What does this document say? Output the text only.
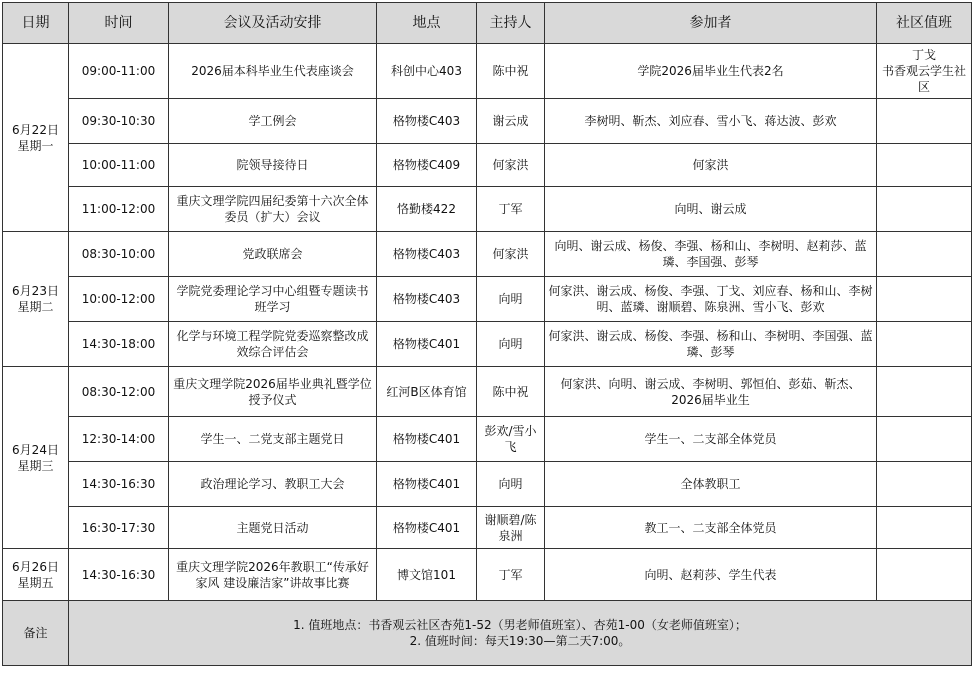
日期	时间	会议及活动安排	地点	主持人	参加者	社区值班

6月22日
星期一	09:00-11:00	2026届本科毕业生代表座谈会	科创中心403	陈中祝	学院2026届毕业生代表2名	丁戈
书香观云学生社区

	09:30-10:30	学工例会	格物楼C403	谢云成	李树明、靳杰、刘应春、雪小飞、蒋达波、彭欢	
	10:00-11:00	院领导接待日	格物楼C409	何家洪	何家洪	
	11:00-12:00	重庆文理学院四届纪委第十六次全体委员（扩大）会议	恪勤楼422	丁军	向明、谢云成	

6月23日
星期二	08:30-10:00	党政联席会	格物楼C403	何家洪	向明、谢云成、杨俊、李强、杨和山、李树明、赵莉莎、蓝璘、李国强、彭琴	
	10:00-12:00	学院党委理论学习中心组暨专题读书班学习	格物楼C403	向明	何家洪、谢云成、杨俊、李强、丁戈、刘应春、杨和山、李树明、蓝璘、谢顺碧、陈泉洲、雪小飞、彭欢	
	14:30-18:00	化学与环境工程学院党委巡察整改成效综合评估会	格物楼C401	向明	何家洪、谢云成、杨俊、李强、杨和山、李树明、李国强、蓝璘、彭琴	

6月24日
星期三	08:30-12:00	重庆文理学院2026届毕业典礼暨学位授予仪式	红河B区体育馆	陈中祝	何家洪、向明、谢云成、李树明、郭恒伯、彭茹、靳杰、2026届毕业生	
	12:30-14:00	学生一、二党支部主题党日	格物楼C401	彭欢/雪小飞	学生一、二支部全体党员	
	14:30-16:30	政治理论学习、教职工大会	格物楼C401	向明	全体教职工	
	16:30-17:30	主题党日活动	格物楼C401	谢顺碧/陈泉洲	教工一、二支部全体党员	

6月26日
星期五	14:30-16:30	重庆文理学院2026年教职工“传承好家风 建设廉洁家”讲故事比赛	博文馆101	丁军	向明、赵莉莎、学生代表	
备注	1. 值班地点：书香观云社区杏苑1-52（男老师值班室）、杏苑1-00（女老师值班室）；
2. 值班时间：每天19:30—第二天7:00。					
